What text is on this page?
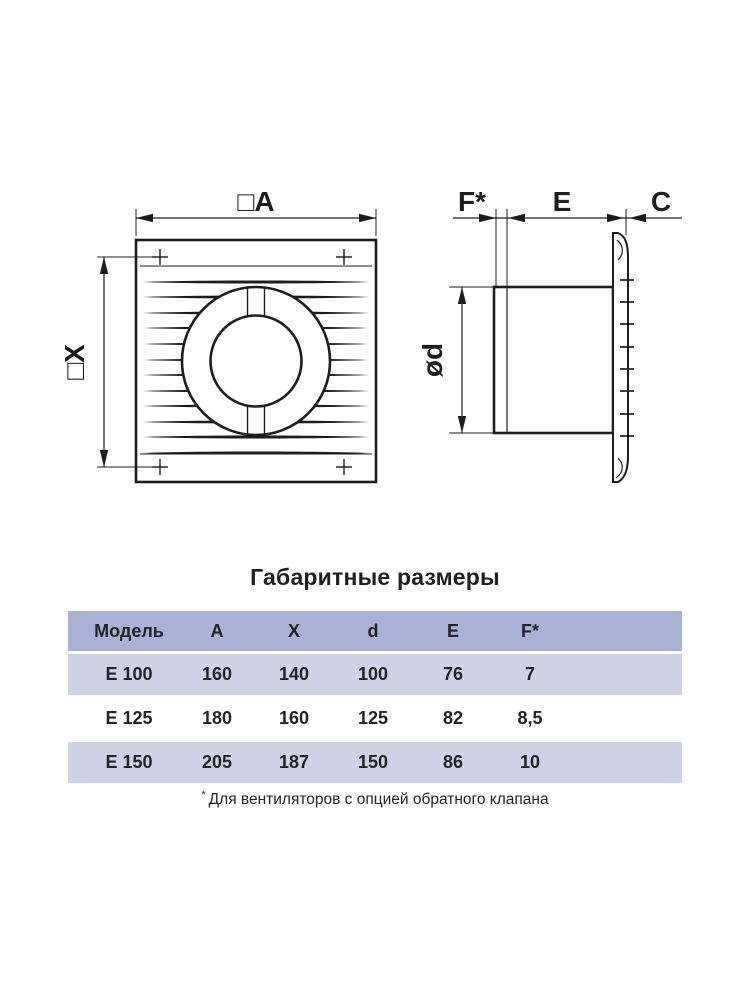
□A
□X
F* E	C
ød
Габаритные размеры
Модель	A	X	d	E	F*
E 100	160	140	100	76	7
E 125	180	160	125	82	8,5
E 150	205	187	150	86	10
* Для вентиляторов с опцией обратного клапана
